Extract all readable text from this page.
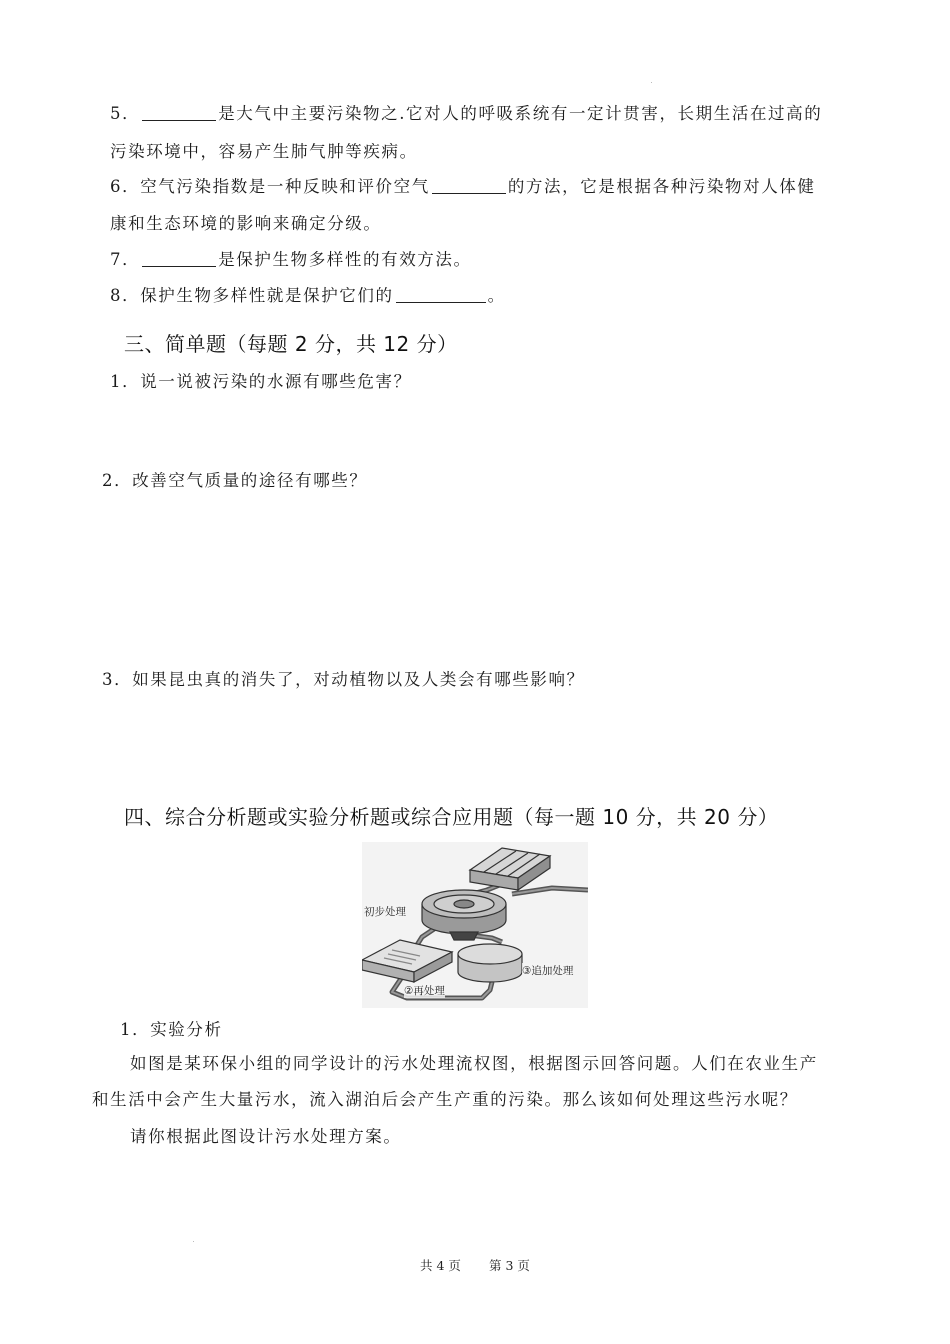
5．	是大气中主要污染物之.它对人的呼吸系统有一定计贯害，长期生活在过高的
污染环境中，容易产生肺气肿等疾病。
6．空气污染指数是一种反映和评价空气	的方法，它是根据各种污染物对人体健
康和生态环境的影响来确定分级。
7．	是保护生物多样性的有效方法。
8．保护生物多样性就是保护它们的	。
三、简单题（每题 2 分，共 12 分）
1．说一说被污染的水源有哪些危害？
2．改善空气质量的途径有哪些？
3．如果昆虫真的消失了，对动植物以及人类会有哪些影响？
四、综合分析题或实验分析题或综合应用题（每一题 10 分，共 20 分）
初步处理
②再处理
③追加处理
1．实验分析
如图是某环保小组的同学设计的污水处理流权图，根据图示回答问题。人们在农业生产
和生活中会产生大量污水，流入湖泊后会产生产重的污染。那么该如何处理这些污水呢？
请你根据此图设计污水处理方案。
共 4 页 第 3 页
